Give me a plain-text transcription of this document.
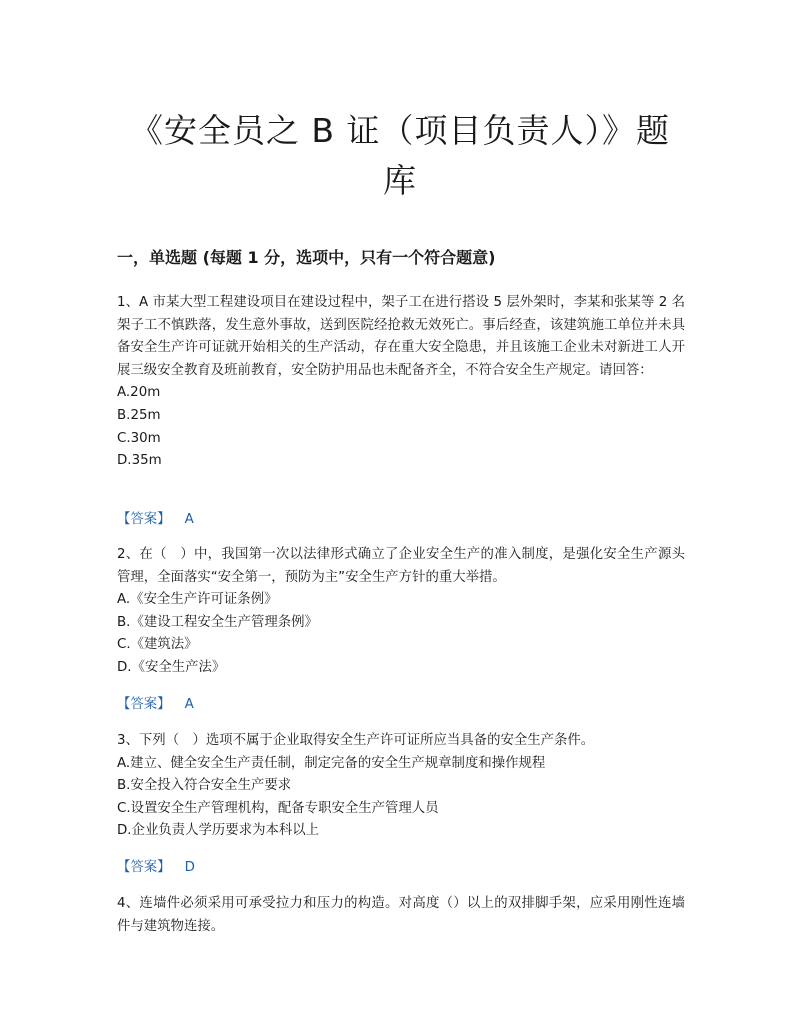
《安全员之 B 证（项目负责人）》题
库
一，单选题 (每题 1 分，选项中，只有一个符合题意)

1、A 市某大型工程建设项目在建设过程中，架子工在进行搭设 5 层外架时，李某和张某等 2 名架子工不慎跌落，发生意外事故，送到医院经抢救无效死亡。事后经查，该建筑施工单位并未具备安全生产许可证就开始相关的生产活动，存在重大安全隐患，并且该施工企业未对新进工人开展三级安全教育及班前教育，安全防护用品也未配备齐全，不符合安全生产规定。请回答：

A.20m

B.25m

C.30m

D.35m

【答案】 A

2、在（　）中，我国第一次以法律形式确立了企业安全生产的准入制度，是强化安全生产源头管理，全面落实“安全第一，预防为主”安全生产方针的重大举措。

A.《安全生产许可证条例》

B.《建设工程安全生产管理条例》

C.《建筑法》

D.《安全生产法》

【答案】 A

3、下列（　）选项不属于企业取得安全生产许可证所应当具备的安全生产条件。

A.建立、健全安全生产责任制，制定完备的安全生产规章制度和操作规程

B.安全投入符合安全生产要求

C.设置安全生产管理机构，配备专职安全生产管理人员

D.企业负责人学历要求为本科以上

【答案】 D

4、连墙件必须采用可承受拉力和压力的构造。对高度（）以上的双排脚手架，应采用刚性连墙件与建筑物连接。
